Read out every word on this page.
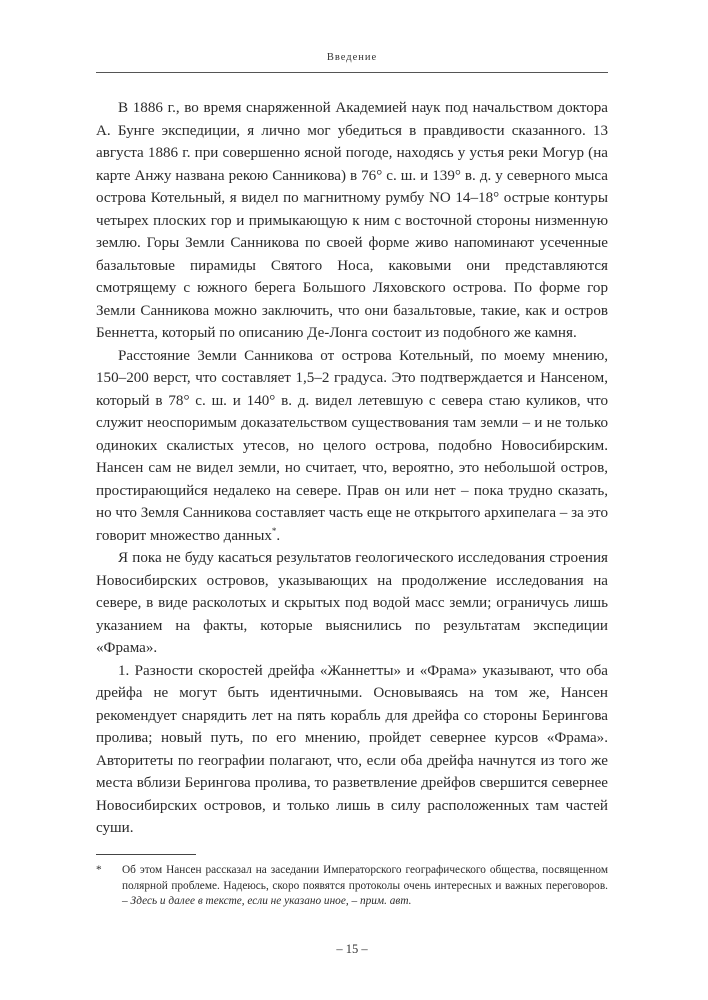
Введение

В 1886 г., во время снаряженной Академией наук под начальством доктора А. Бунге экспедиции, я лично мог убедиться в правдивости сказанного. 13 августа 1886 г. при совершенно ясной погоде, находясь у устья реки Могур (на карте Анжу названа рекою Санникова) в 76° с. ш. и 139° в. д. у северного мыса острова Котельный, я видел по магнитному румбу NO 14–18° острые контуры четырех плоских гор и примыкающую к ним с восточной стороны низменную землю. Горы Земли Санникова по своей форме живо напоминают усеченные базальтовые пирамиды Святого Носа, каковыми они представляются смотрящему с южного берега Большого Ляховского острова. По форме гор Земли Санникова можно заключить, что они базальтовые, такие, как и остров Беннетта, который по описанию Де-Лонга состоит из подобного же камня.

Расстояние Земли Санникова от острова Котельный, по моему мнению, 150–200 верст, что составляет 1,5–2 градуса. Это подтверждается и Нансеном, который в 78° с. ш. и 140° в. д. видел летевшую с севера стаю куликов, что служит неоспоримым доказательством существования там земли – и не только одиноких скалистых утесов, но целого острова, подобно Новосибирским. Нансен сам не видел земли, но считает, что, вероятно, это небольшой остров, простирающийся недалеко на севере. Прав он или нет – пока трудно сказать, но что Земля Санникова составляет часть еще не открытого архипелага – за это говорит множество данных*.

Я пока не буду касаться результатов геологического исследования строения Новосибирских островов, указывающих на продолжение исследования на севере, в виде расколотых и скрытых под водой масс земли; ограничусь лишь указанием на факты, которые выяснились по результатам экспедиции «Фрама».

1. Разности скоростей дрейфа «Жаннетты» и «Фрама» указывают, что оба дрейфа не могут быть идентичными. Основываясь на том же, Нансен рекомендует снарядить лет на пять корабль для дрейфа со стороны Берингова пролива; новый путь, по его мнению, пройдет севернее курсов «Фрама». Авторитеты по географии полагают, что, если оба дрейфа начнутся из того же места вблизи Берингова пролива, то разветвление дрейфов свершится севернее Новосибирских островов, и только лишь в силу расположенных там частей суши.

*	Об этом Нансен рассказал на заседании Императорского географического общества, посвященном полярной проблеме. Надеюсь, скоро появятся протоколы очень интересных и важных переговоров. – Здесь и далее в тексте, если не указано иное, – прим. авт.
– 15 –
